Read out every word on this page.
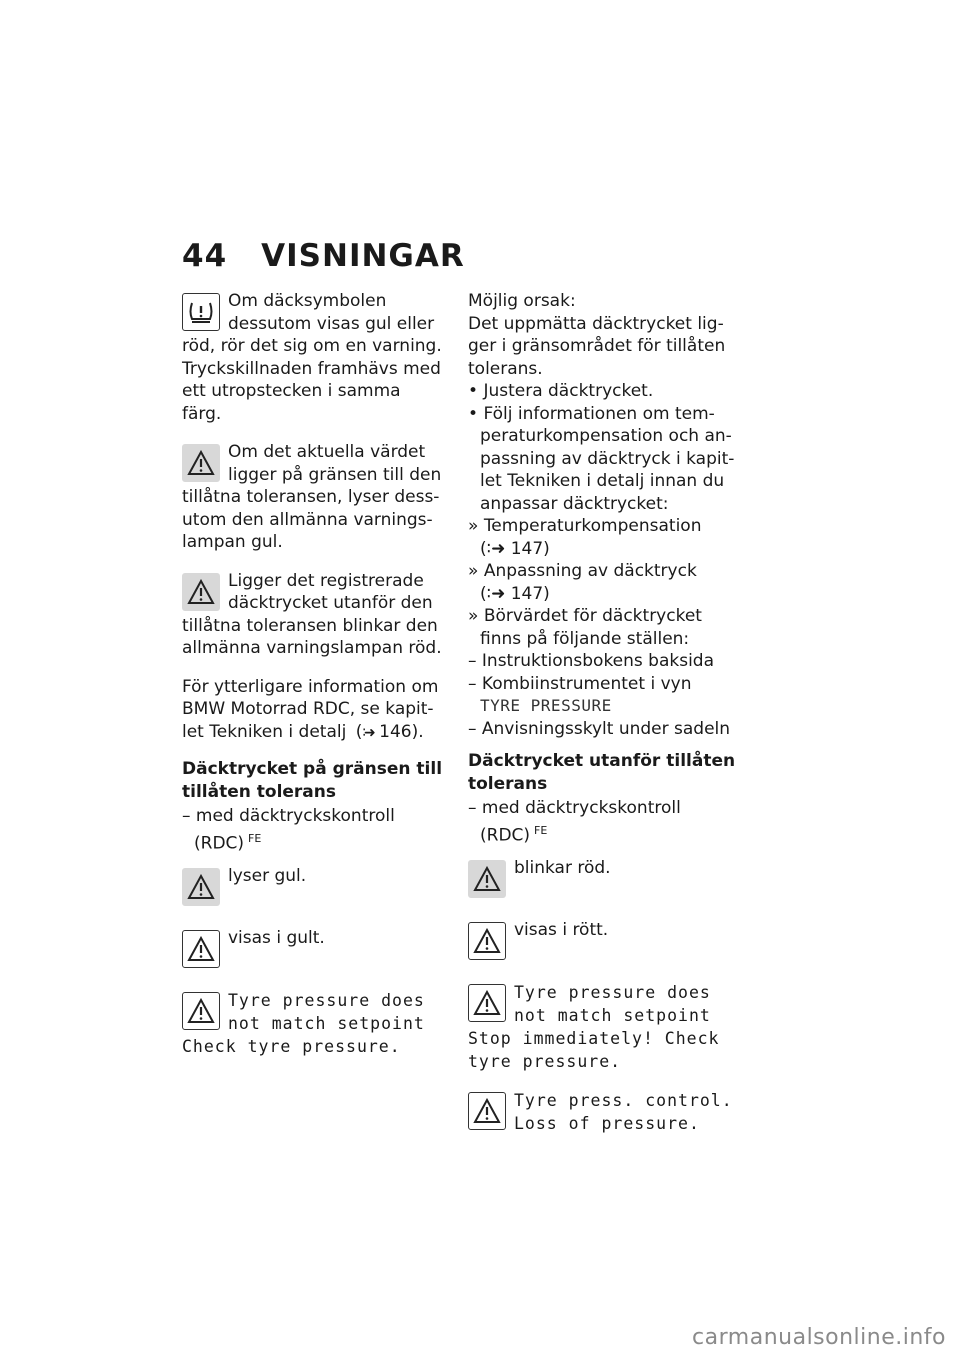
44 VISNINGAR

Om däcksymbolen dessutom visas gul eller röd, rör det sig om en varning. Tryckskillnaden framhävs med ett utropstecken i samma färg.

Om det aktuella värdet ligger på gränsen till den tillåtna toleransen, lyser dess-utom den allmänna varnings-lampan gul.

Ligger det registrerade däcktrycket utanför den tillåtna toleransen blinkar den allmänna varningslampan röd.

För ytterligare information om BMW Motorrad RDC, se kapit-let Tekniken i detalj (∶➜ 146).

Däcktrycket på gränsen till tillåten tolerans

– med däcktryckskontroll (RDC) $^{FE}$

lyser gul.

visas i gult.

Tyre pressure does not match setpoint Check tyre pressure.

Möjlig orsak:
Det uppmätta däcktrycket lig-ger i gränsområdet för tillåten tolerans.
• Justera däcktrycket.
• Följ informationen om tem-peraturkompensation och an-passning av däcktryck i kapit-let Tekniken i detalj innan du anpassar däcktrycket:
» Temperaturkompensation
(∶➜ 147)
» Anpassning av däcktryck
(∶➜ 147)
» Börvärdet för däcktrycket finns på följande ställen:
– Instruktionsbokens baksida
– Kombiinstrumentet i vyn
TYRE PRESSURE
– Anvisningsskylt under sadeln

Däcktrycket utanför tillåten tolerans

– med däcktryckskontroll (RDC) $^{FE}$

blinkar röd.

visas i rött.

Tyre pressure does not match setpoint Stop immediately! Check tyre pressure.

Tyre press. control. Loss of pressure.

carmanualsonline.info
